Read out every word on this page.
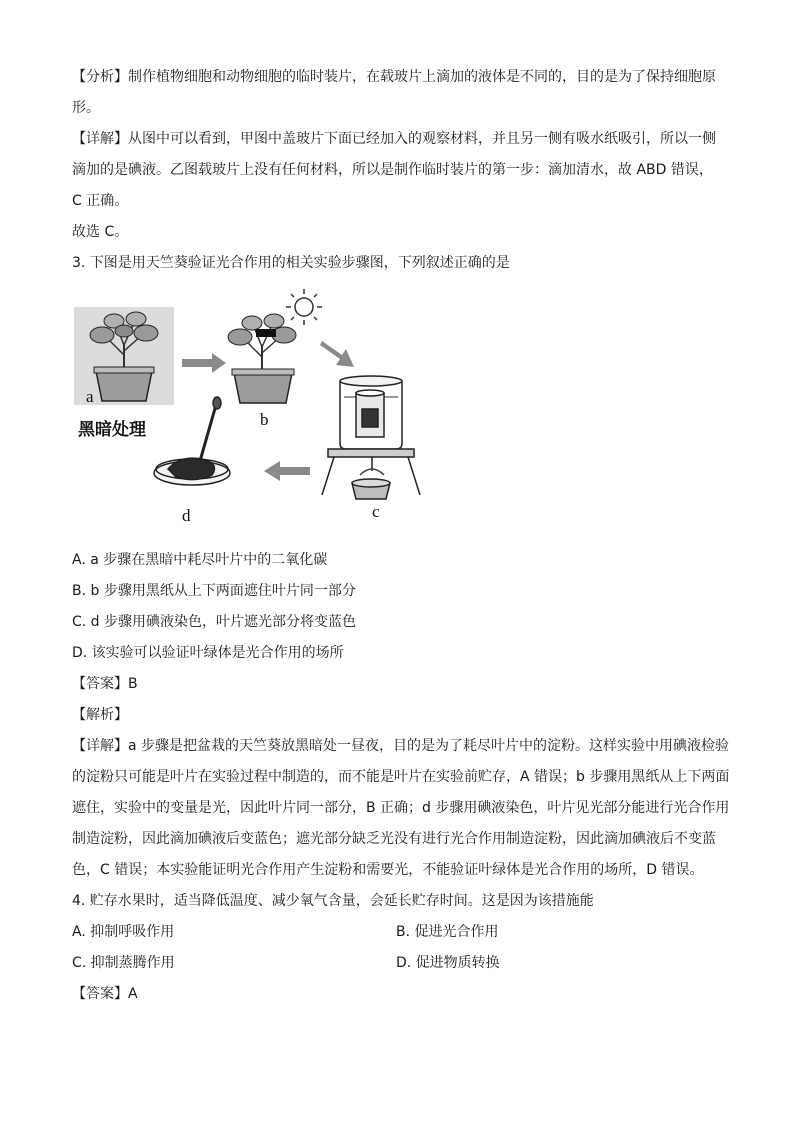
【分析】制作植物细胞和动物细胞的临时装片，在载玻片上滴加的液体是不同的，目的是为了保持细胞原

形。

【详解】从图中可以看到，甲图中盖玻片下面已经加入的观察材料，并且另一侧有吸水纸吸引，所以一侧

滴加的是碘液。乙图载玻片上没有任何材料，所以是制作临时装片的第一步：滴加清水，故 ABD 错误，

C 正确。

故选 C。

3. 下图是用天竺葵验证光合作用的相关实验步骤图，下列叙述正确的是

a
黑暗处理
b
c
d

A. a 步骤在黑暗中耗尽叶片中的二氧化碳

B. b 步骤用黑纸从上下两面遮住叶片同一部分

C. d 步骤用碘液染色，叶片遮光部分将变蓝色

D. 该实验可以验证叶绿体是光合作用的场所

【答案】B

【解析】

【详解】a 步骤是把盆栽的天竺葵放黑暗处一昼夜，目的是为了耗尽叶片中的淀粉。这样实验中用碘液检验

的淀粉只可能是叶片在实验过程中制造的，而不能是叶片在实验前贮存，A 错误；b 步骤用黑纸从上下两面

遮住，实验中的变量是光，因此叶片同一部分，B 正确；d 步骤用碘液染色，叶片见光部分能进行光合作用

制造淀粉，因此滴加碘液后变蓝色；遮光部分缺乏光没有进行光合作用制造淀粉，因此滴加碘液后不变蓝

色，C 错误；本实验能证明光合作用产生淀粉和需要光，不能验证叶绿体是光合作用的场所，D 错误。

4. 贮存水果时，适当降低温度、减少氧气含量，会延长贮存时间。这是因为该措施能

A. 抑制呼吸作用	B. 促进光合作用

C. 抑制蒸腾作用	D. 促进物质转换

【答案】A
